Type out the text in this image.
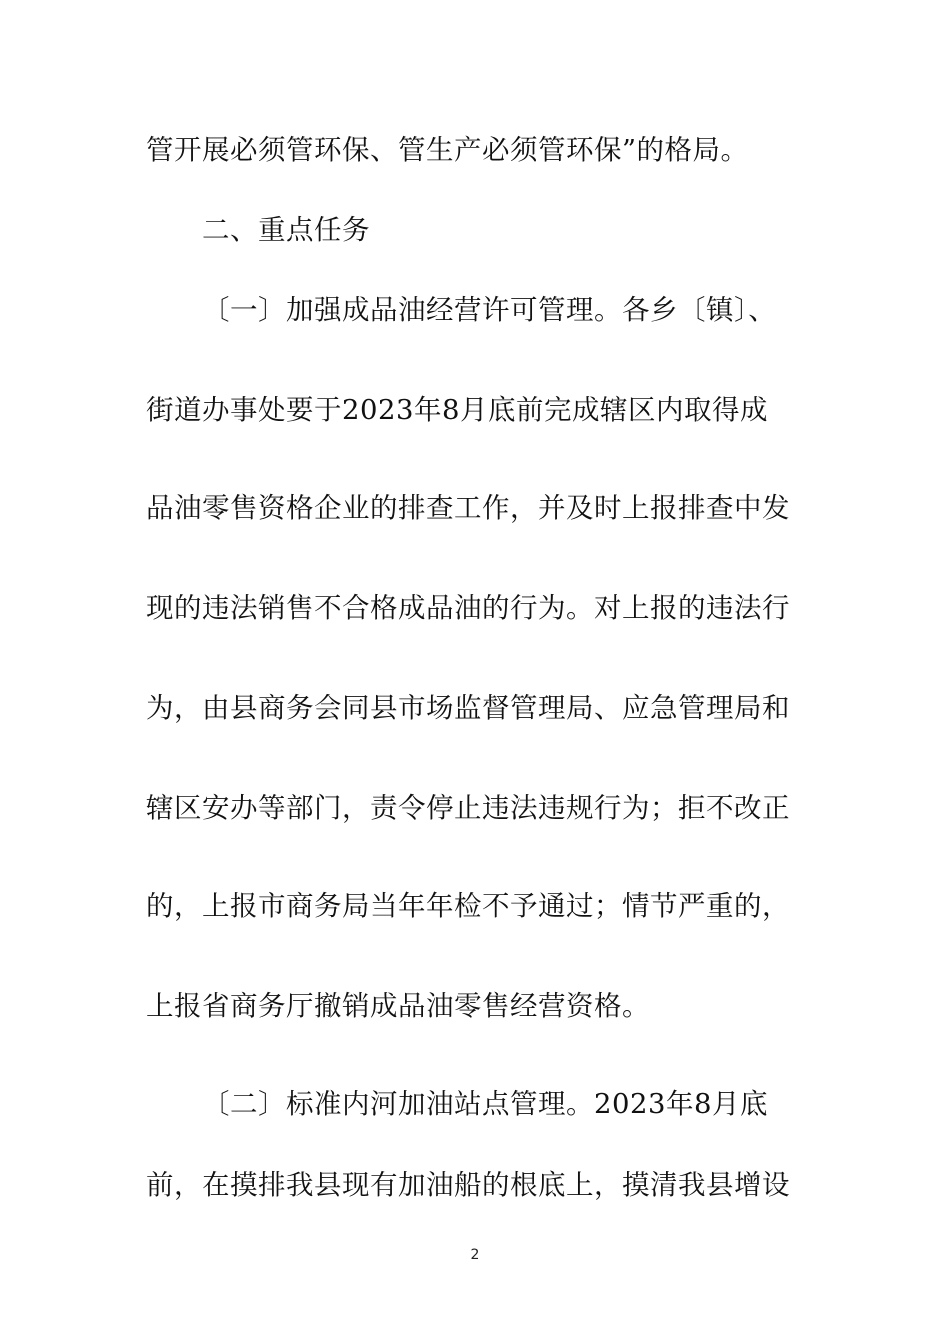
管开展必须管环保、管生产必须管环保”的格局。
二、重点任务
〔一〕加强成品油经营许可管理。各乡〔镇〕、
街道办事处要于2023年8月底前完成辖区内取得成
品油零售资格企业的排查工作，并及时上报排查中发
现的违法销售不合格成品油的行为。对上报的违法行
为，由县商务会同县市场监督管理局、应急管理局和
辖区安办等部门，责令停止违法违规行为；拒不改正
的，上报市商务局当年年检不予通过；情节严重的，
上报省商务厅撤销成品油零售经营资格。
〔二〕标准内河加油站点管理。2023年8月底
前，在摸排我县现有加油船的根底上，摸清我县增设
2
